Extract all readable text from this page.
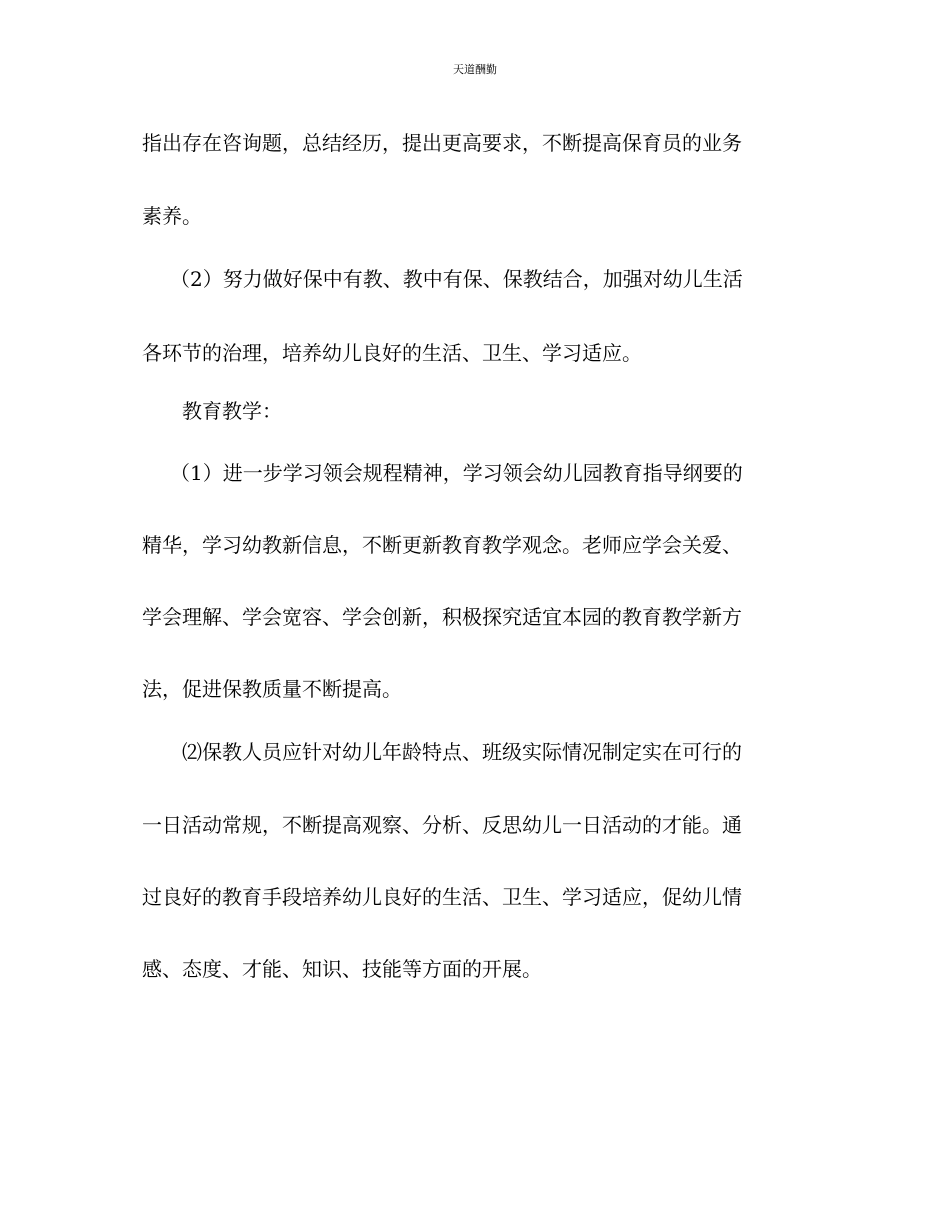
天道酬勤
指出存在咨询题，总结经历，提出更高要求，不断提高保育员的业务
素养。
（2）努力做好保中有教、教中有保、保教结合，加强对幼儿生活
各环节的治理，培养幼儿良好的生活、卫生、学习适应。
教育教学：
（1）进一步学习领会规程精神，学习领会幼儿园教育指导纲要的
精华，学习幼教新信息，不断更新教育教学观念。老师应学会关爱、
学会理解、学会宽容、学会创新，积极探究适宜本园的教育教学新方
法，促进保教质量不断提高。
⑵保教人员应针对幼儿年龄特点、班级实际情况制定实在可行的
一日活动常规，不断提高观察、分析、反思幼儿一日活动的才能。通
过良好的教育手段培养幼儿良好的生活、卫生、学习适应，促幼儿情
感、态度、才能、知识、技能等方面的开展。
